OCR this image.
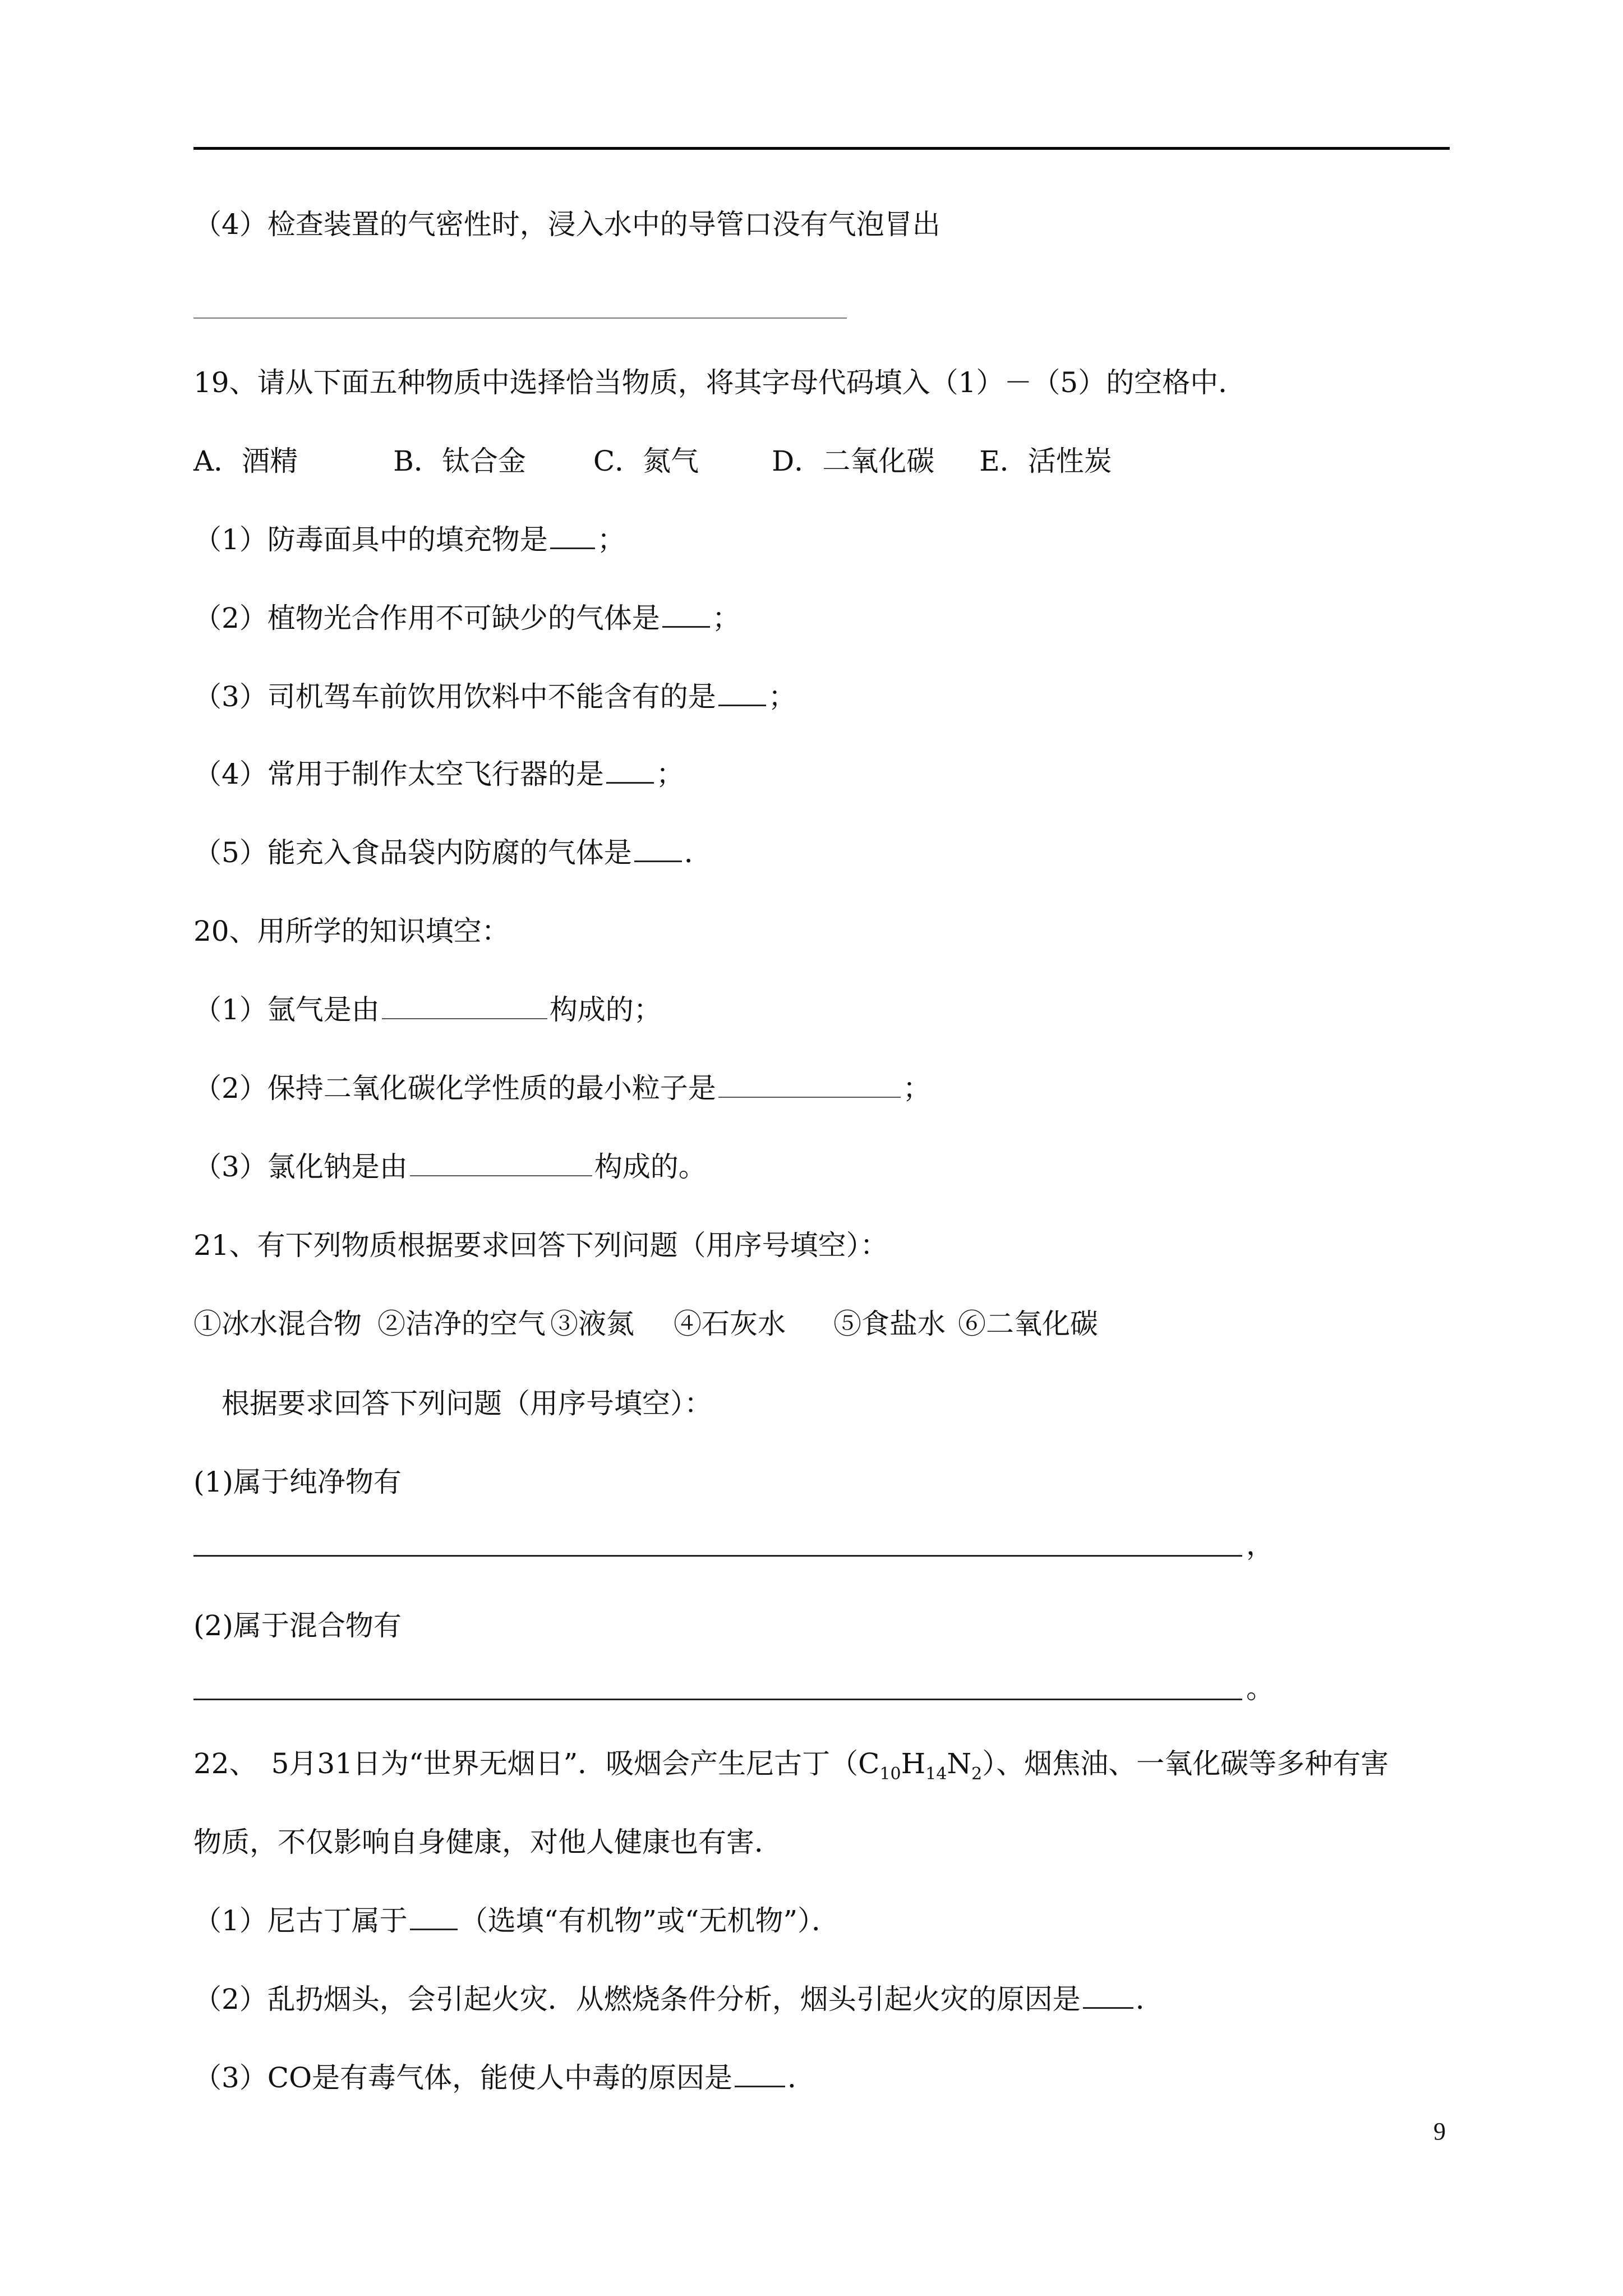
（4）检查装置的气密性时，浸入水中的导管口没有气泡冒出
19、请从下面五种物质中选择恰当物质，将其字母代码填入（1）－（5）的空格中．
A．酒精	B．钛合金 C．氮气	D．二氧化碳 E．活性炭
（1）防毒面具中的填充物是 ；
（2）植物光合作用不可缺少的气体是 ；
（3）司机驾车前饮用饮料中不能含有的是 ；
（4）常用于制作太空飞行器的是 ；
（5）能充入食品袋内防腐的气体是 ．
20、用所学的知识填空：
（1）氩气是由	构成的；
（2）保持二氧化碳化学性质的最小粒子是	；
（3）氯化钠是由	构成的。
21、有下列物质根据要求回答下列问题（用序号填空）：
①冰水混合物 ②洁净的空气 ③液氮 ④石灰水 ⑤食盐水 ⑥二氧化碳
根据要求回答下列问题（用序号填空）：
(1)属于纯净物有
，
(2)属于混合物有
。
22、　5月31日为“世界无烟日”．吸烟会产生尼古丁$(C_{10}H_{14}N_2)$、烟焦油、一氧化碳等多种有害
物质，不仅影响自身健康，对他人健康也有害．
（1）尼古丁属于 （选填“有机物”或“无机物”）．
（2）乱扔烟头，会引起火灾．从燃烧条件分析，烟头引起火灾的原因是 ．
（3）CO是有毒气体，能使人中毒的原因是 ．
9
